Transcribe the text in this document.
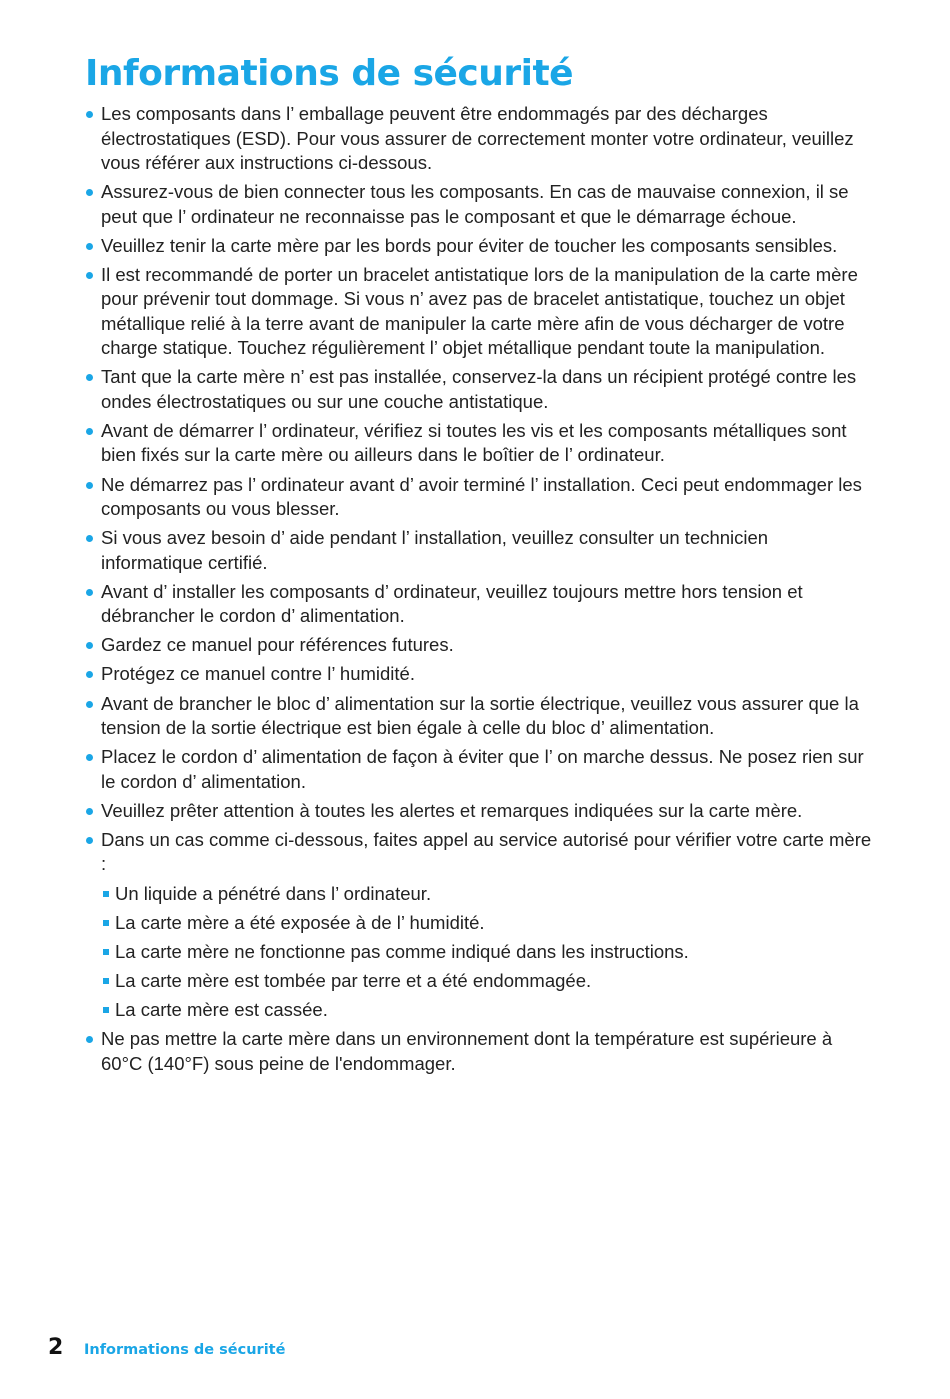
Informations de sécurité
Les composants dans l’ emballage peuvent être endommagés par des décharges électrostatiques (ESD). Pour vous assurer de correctement monter votre ordinateur, veuillez vous référer aux instructions ci-dessous.
Assurez-vous de bien connecter tous les composants. En cas de mauvaise connexion, il se peut que l’ ordinateur ne reconnaisse pas le composant et que le démarrage échoue.
Veuillez tenir la carte mère par les bords pour éviter de toucher les composants sensibles.
Il est recommandé de porter un bracelet antistatique lors de la manipulation de la carte mère pour prévenir tout dommage. Si vous n’ avez pas de bracelet antistatique, touchez un objet métallique relié à la terre avant de manipuler la carte mère afin de vous décharger de votre charge statique. Touchez régulièrement l’ objet métallique pendant toute la manipulation.
Tant que la carte mère n’ est pas installée, conservez-la dans un récipient protégé contre les ondes électrostatiques ou sur une couche antistatique.
Avant de démarrer l’ ordinateur, vérifiez si toutes les vis et les composants métalliques sont bien fixés sur la carte mère ou ailleurs dans le boîtier de l’ ordinateur.
Ne démarrez pas l’ ordinateur avant d’ avoir terminé l’ installation. Ceci peut endommager les composants ou vous blesser.
Si vous avez besoin d’ aide pendant l’ installation, veuillez consulter un technicien informatique certifié.
Avant d’ installer les composants d’ ordinateur, veuillez toujours mettre hors tension et débrancher le cordon d’ alimentation.
Gardez ce manuel pour références futures.
Protégez ce manuel contre l’ humidité.
Avant de brancher le bloc d’ alimentation sur la sortie électrique, veuillez vous assurer que la tension de la sortie électrique est bien égale à celle du bloc d’ alimentation.
Placez le cordon d’ alimentation de façon à éviter que l’ on marche dessus. Ne posez rien sur le cordon d’ alimentation.
Veuillez prêter attention à toutes les alertes et remarques indiquées sur la carte mère.
Dans un cas comme ci-dessous, faites appel au service autorisé pour vérifier votre carte mère :
Un liquide a pénétré dans l’ ordinateur.
La carte mère a été exposée à de l’ humidité.
La carte mère ne fonctionne pas comme indiqué dans les instructions.
La carte mère est tombée par terre et a été endommagée.
La carte mère est cassée.
Ne pas mettre la carte mère dans un environnement dont la température est supérieure à 60°C (140°F) sous peine de l'endommager.
2	Informations de sécurité
